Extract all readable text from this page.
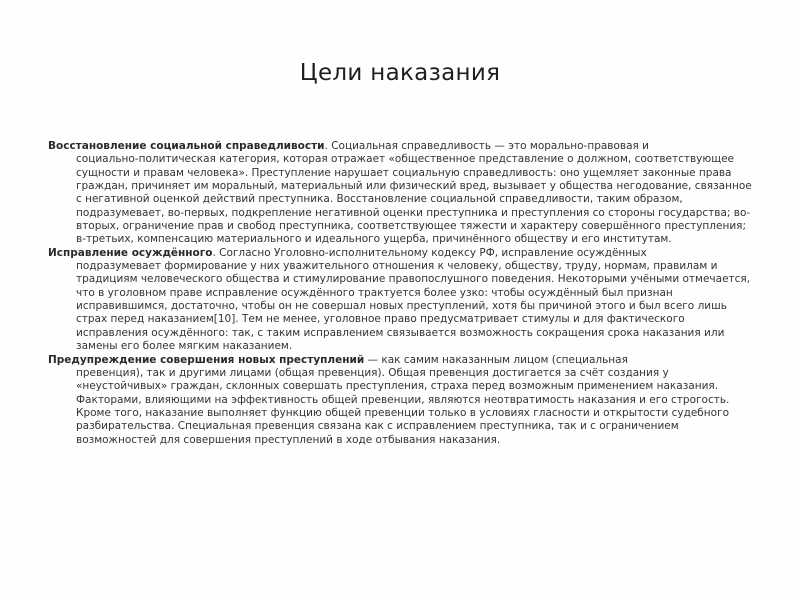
Цели наказания

Восстановление социальной справедливости. Социальная справедливость — это морально-правовая и
социально-политическая категория, которая отражает «общественное представление о должном, соответствующее сущности и правам человека». Преступление нарушает социальную справедливость: оно ущемляет законные права граждан, причиняет им моральный, материальный или физический вред, вызывает у общества негодование, связанное с негативной оценкой действий преступника. Восстановление социальной справедливости, таким образом, подразумевает, во-первых, подкрепление негативной оценки преступника и преступления со стороны государства; во-вторых, ограничение прав и свобод преступника, соответствующее тяжести и характеру совершённого преступления; в-третьих, компенсацию материального и идеального ущерба, причинённого обществу и его институтам.

Исправление осуждённого. Согласно Уголовно-исполнительному кодексу РФ, исправление осуждённых
подразумевает формирование у них уважительного отношения к человеку, обществу, труду, нормам, правилам и традициям человеческого общества и стимулирование правопослушного поведения. Некоторыми учёными отмечается, что в уголовном праве исправление осуждённого трактуется более узко: чтобы осуждённый был признан исправившимся, достаточно, чтобы он не совершал новых преступлений, хотя бы причиной этого и был всего лишь страх перед наказанием[10]. Тем не менее, уголовное право предусматривает стимулы и для фактического исправления осуждённого: так, с таким исправлением связывается возможность сокращения срока наказания или замены его более мягким наказанием.

Предупреждение совершения новых преступлений — как самим наказанным лицом (специальная
превенция), так и другими лицами (общая превенция). Общая превенция достигается за счёт создания у «неустойчивых» граждан, склонных совершать преступления, страха перед возможным применением наказания. Факторами, влияющими на эффективность общей превенции, являются неотвратимость наказания и его строгость. Кроме того, наказание выполняет функцию общей превенции только в условиях гласности и открытости судебного разбирательства. Специальная превенция связана как с исправлением преступника, так и с ограничением возможностей для совершения преступлений в ходе отбывания наказания.
